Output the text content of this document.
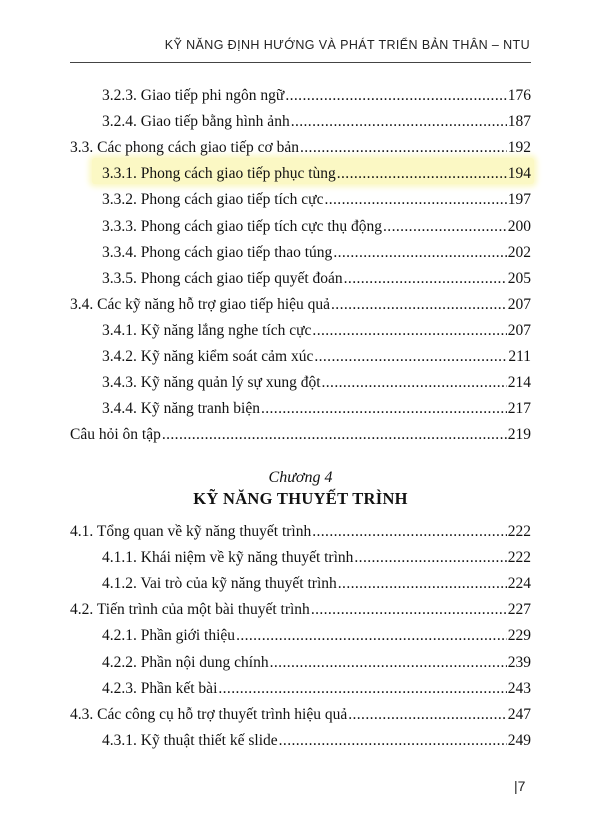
KỸ NĂNG ĐỊNH HƯỚNG VÀ PHÁT TRIỂN BẢN THÂN – NTU
3.2.3. Giao tiếp phi ngôn ngữ .....	176
3.2.4. Giao tiếp bằng hình ảnh .....	187
3.3. Các phong cách giao tiếp cơ bản .....	192
3.3.1. Phong cách giao tiếp phục tùng .....	194
3.3.2. Phong cách giao tiếp tích cực .....	197
3.3.3. Phong cách giao tiếp tích cực thụ động .....	200
3.3.4. Phong cách giao tiếp thao túng .....	202
3.3.5. Phong cách giao tiếp quyết đoán .....	205
3.4. Các kỹ năng hỗ trợ giao tiếp hiệu quả .....	207
3.4.1. Kỹ năng lắng nghe tích cực .....	207
3.4.2. Kỹ năng kiểm soát cảm xúc .....	211
3.4.3. Kỹ năng quản lý sự xung đột .....	214
3.4.4. Kỹ năng tranh biện .....	217
Câu hỏi ôn tập .....	219
Chương 4
KỸ NĂNG THUYẾT TRÌNH
4.1. Tổng quan về kỹ năng thuyết trình .....	222
4.1.1. Khái niệm về kỹ năng thuyết trình .....	222
4.1.2. Vai trò của kỹ năng thuyết trình .....	224
4.2. Tiến trình của một bài thuyết trình .....	227
4.2.1. Phần giới thiệu .....	229
4.2.2. Phần nội dung chính .....	239
4.2.3. Phần kết bài .....	243
4.3. Các công cụ hỗ trợ thuyết trình hiệu quả .....	247
4.3.1. Kỹ thuật thiết kế slide .....	249
|7
